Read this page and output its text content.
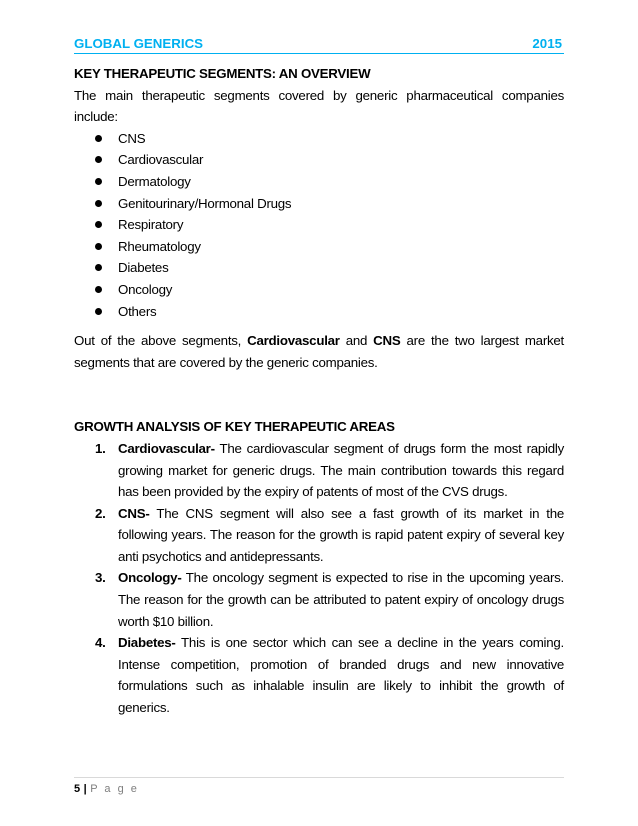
GLOBAL GENERICS	2015
KEY THERAPEUTIC SEGMENTS: AN OVERVIEW

The main therapeutic segments covered by generic pharmaceutical companies include:

CNS
Cardiovascular
Dermatology
Genitourinary/Hormonal Drugs
Respiratory
Rheumatology
Diabetes
Oncology
Others

Out of the above segments, Cardiovascular and CNS are the two largest market segments that are covered by the generic companies.

GROWTH ANALYSIS OF KEY THERAPEUTIC AREAS
1. Cardiovascular- The cardiovascular segment of drugs form the most rapidly growing market for generic drugs. The main contribution towards this regard has been provided by the expiry of patents of most of the CVS drugs.
2. CNS- The CNS segment will also see a fast growth of its market in the following years. The reason for the growth is rapid patent expiry of several key anti psychotics and antidepressants.
3. Oncology- The oncology segment is expected to rise in the upcoming years. The reason for the growth can be attributed to patent expiry of oncology drugs worth $10 billion.
4. Diabetes- This is one sector which can see a decline in the years coming. Intense competition, promotion of branded drugs and new innovative formulations such as inhalable insulin are likely to inhibit the growth of generics.
5 | P a g e
